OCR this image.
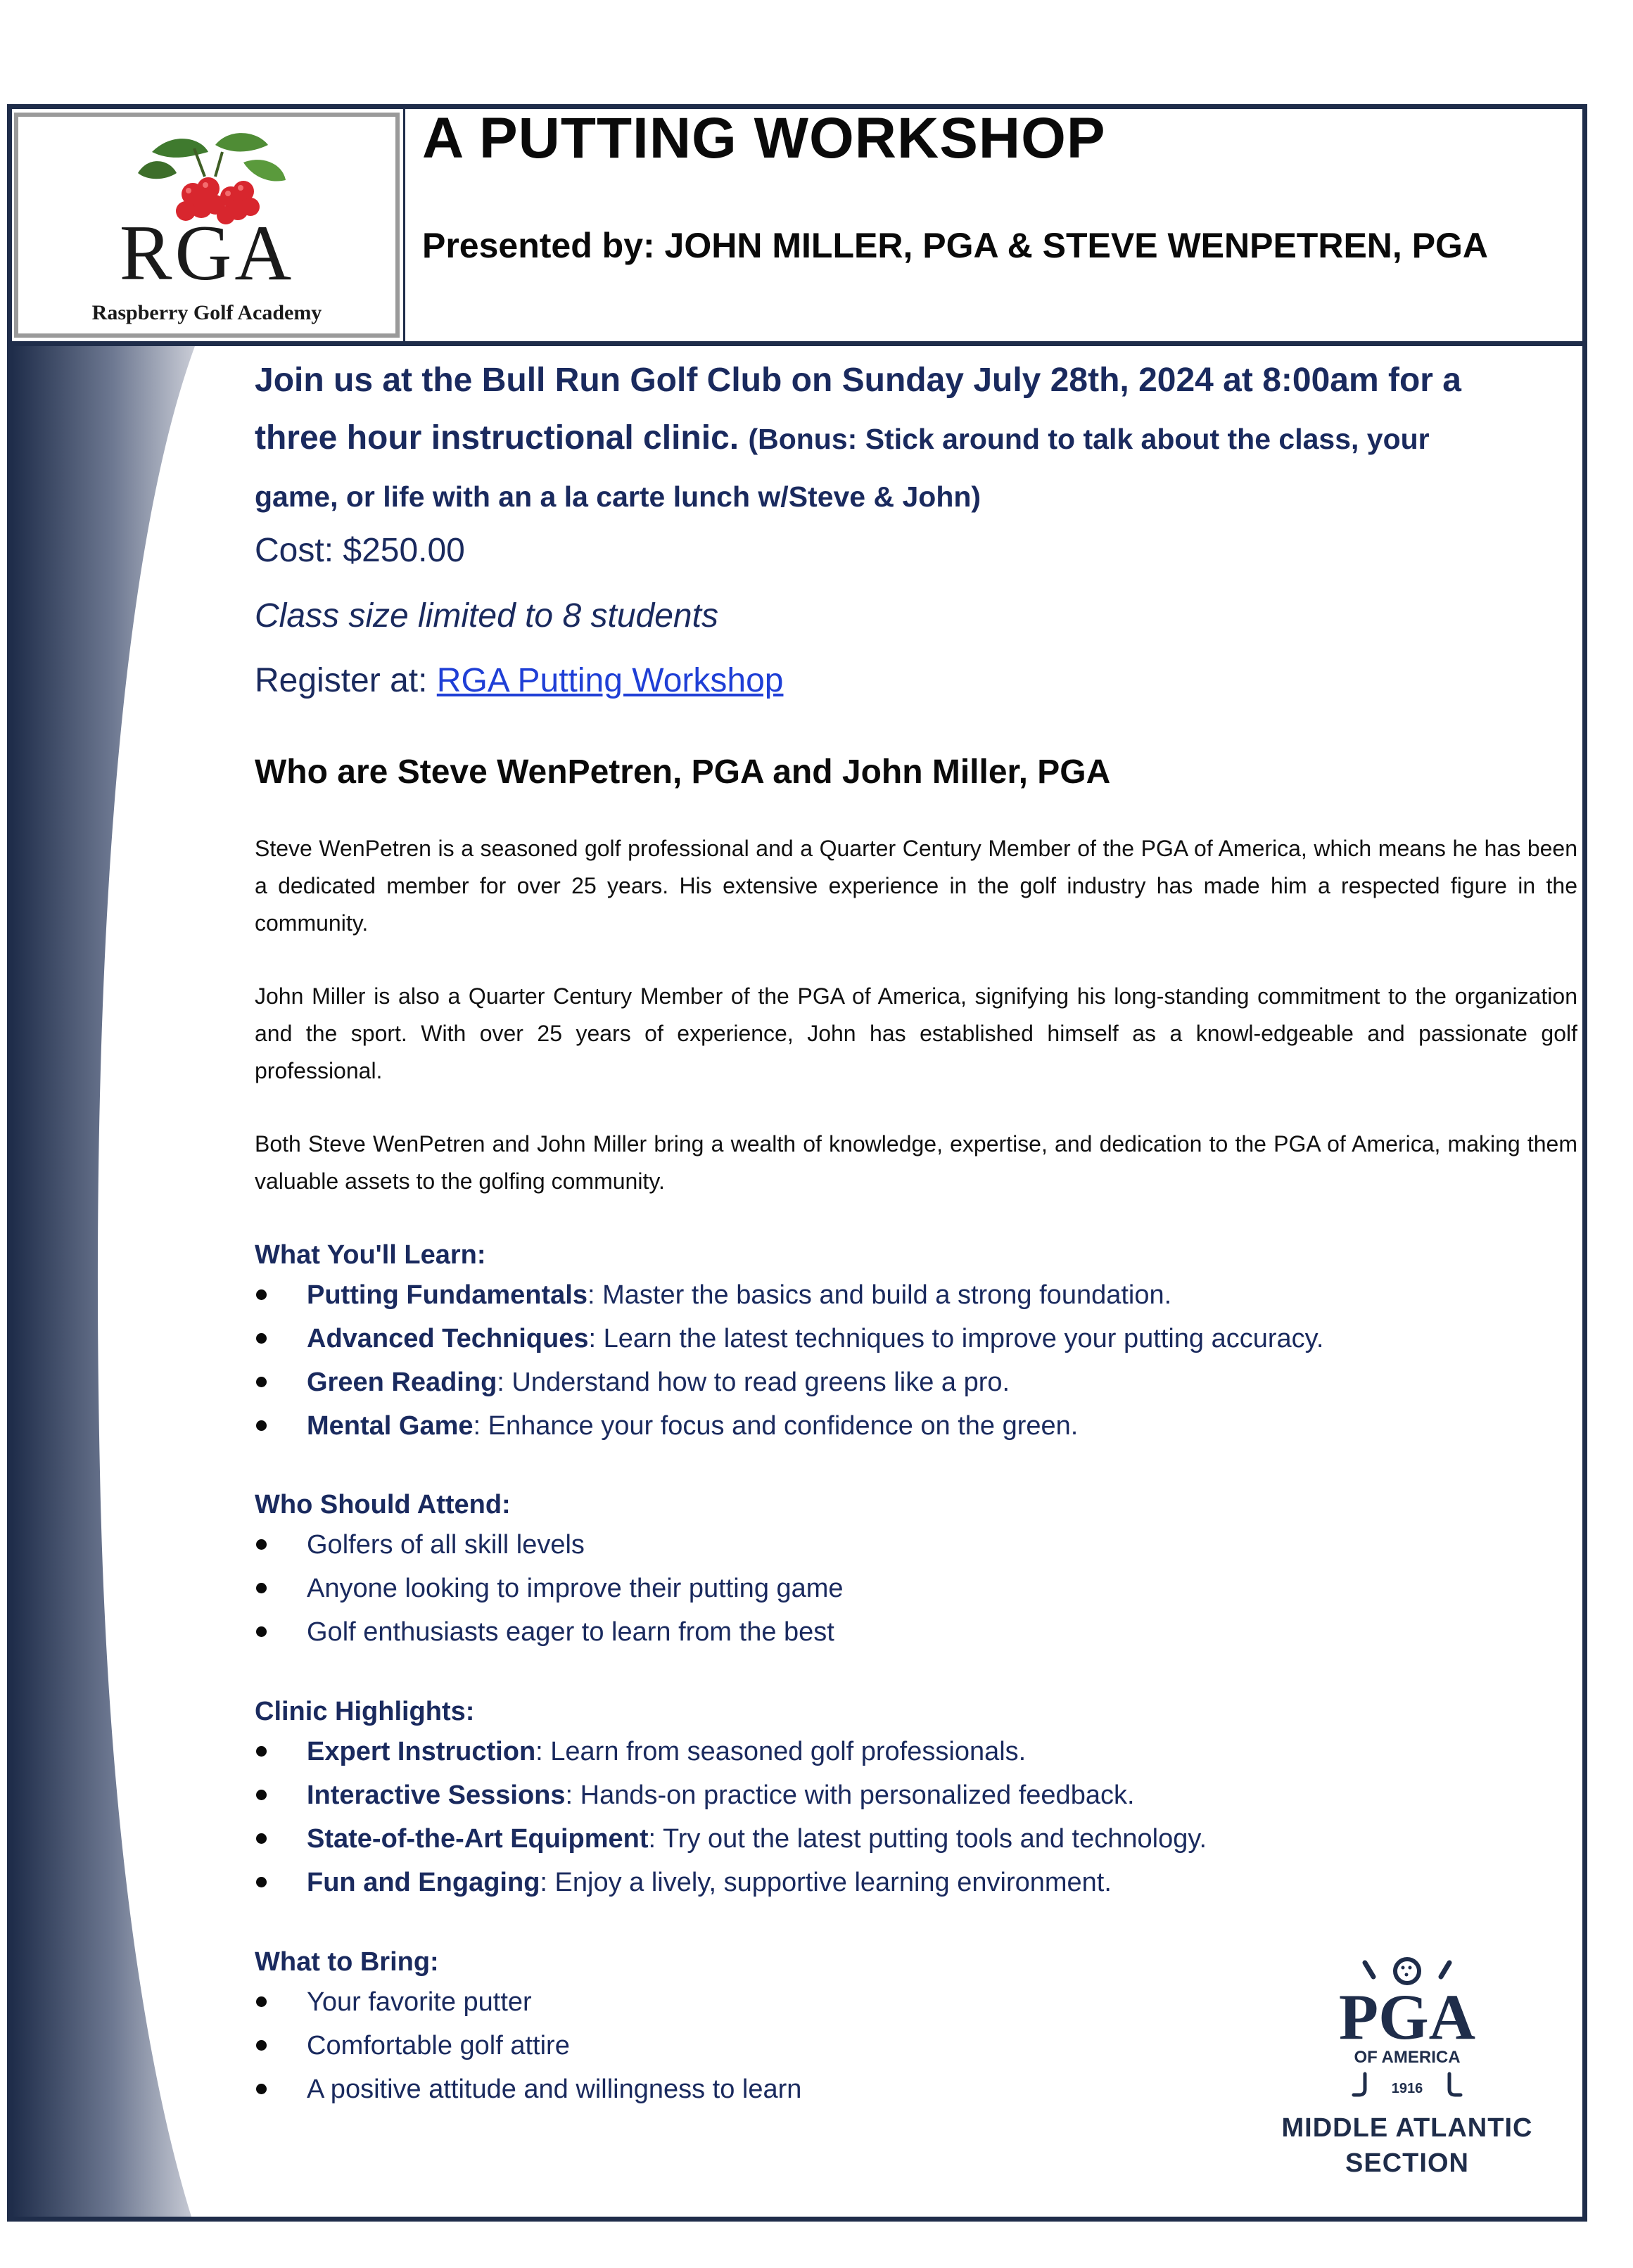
RGA
Raspberry Golf Academy
A PUTTING WORKSHOP
Presented by: JOHN MILLER, PGA & STEVE WENPETREN, PGA
Join us at the Bull Run Golf Club on Sunday July 28th, 2024 at 8:00am for a
three hour instructional clinic. (Bonus: Stick around to talk about the class, your
game, or life with an a la carte lunch w/Steve & John)
Cost: $250.00
Class size limited to 8 students
Register at: RGA Putting Workshop
Who are Steve WenPetren, PGA and John Miller, PGA
Steve WenPetren is a seasoned golf professional and a Quarter Century Member of the PGA of America, which means he has been a dedicated member for over 25 years. His extensive experience in the golf industry has made him a respected figure in the community.
John Miller is also a Quarter Century Member of the PGA of America, signifying his long-standing commitment to the organization and the sport. With over 25 years of experience, John has established himself as a knowl-edgeable and passionate golf professional.
Both Steve WenPetren and John Miller bring a wealth of knowledge, expertise, and dedication to the PGA of America, making them valuable assets to the golfing community.
What You'll Learn:
Putting Fundamentals: Master the basics and build a strong foundation.
Advanced Techniques: Learn the latest techniques to improve your putting accuracy.
Green Reading: Understand how to read greens like a pro.
Mental Game: Enhance your focus and confidence on the green.
Who Should Attend:
Golfers of all skill levels
Anyone looking to improve their putting game
Golf enthusiasts eager to learn from the best
Clinic Highlights:
Expert Instruction: Learn from seasoned golf professionals.
Interactive Sessions: Hands-on practice with personalized feedback.
State-of-the-Art Equipment: Try out the latest putting tools and technology.
Fun and Engaging: Enjoy a lively, supportive learning environment.
What to Bring:
Your favorite putter
Comfortable golf attire
A positive attitude and willingness to learn
PGA
OF AMERICA
1916
MIDDLE ATLANTIC
SECTION
